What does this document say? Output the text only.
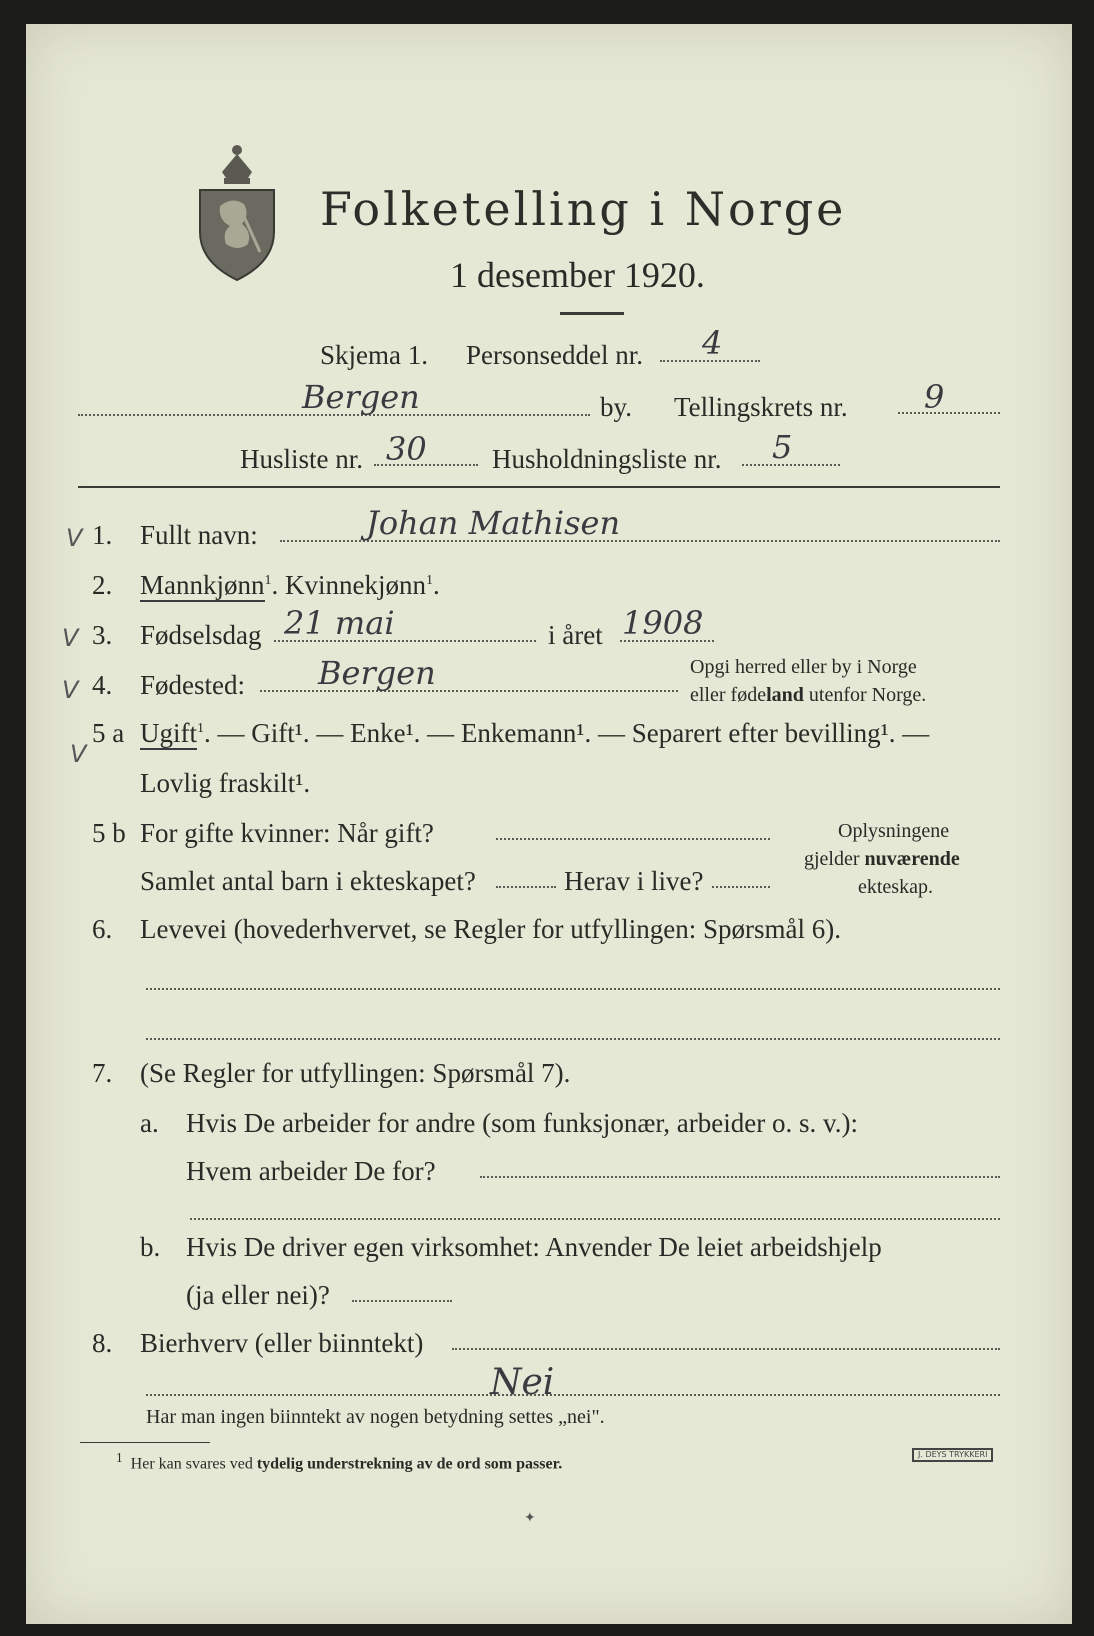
Folketelling i Norge
1 desember 1920.
Skjema 1. Personseddel nr. 4
Bergen	by. Tellingskrets nr. 9
Husliste nr. 30 Husholdningsliste nr. 5
V 1. Fullt navn:	Johan Mathisen
2. Mannkjønn$^1$. Kvinnekjønn$^1$.
V 3. Fødselsdag 21 mai	i året 1908
V 4. Fødested: Bergen	Opgi herred eller by i Norge
eller fødeland utenfor Norge.
V
5 a Ugift$^1$. — Gift¹. — Enke¹. — Enkemann¹. — Separert efter bevilling¹. —
Lovlig fraskilt¹.
5 b For gifte kvinner: Når gift?
Samlet antal barn i ekteskapet?	Herav i live?
Oplysningene
gjelder nuværende
ekteskap.
6. Levevei (hovederhvervet, se Regler for utfyllingen: Spørsmål 6).
7. (Se Regler for utfyllingen: Spørsmål 7).
a. Hvis De arbeider for andre (som funksjonær, arbeider o. s. v.):
Hvem arbeider De for?
b. Hvis De driver egen virksomhet: Anvender De leiet arbeidshjelp
(ja eller nei)?
8. Bierhverv (eller biinntekt)
Nei
Har man ingen biinntekt av nogen betydning settes „nei".
$^1$ Her kan svares ved tydelig understrekning av de ord som passer.
J. DEYS TRYKKERI
✦
